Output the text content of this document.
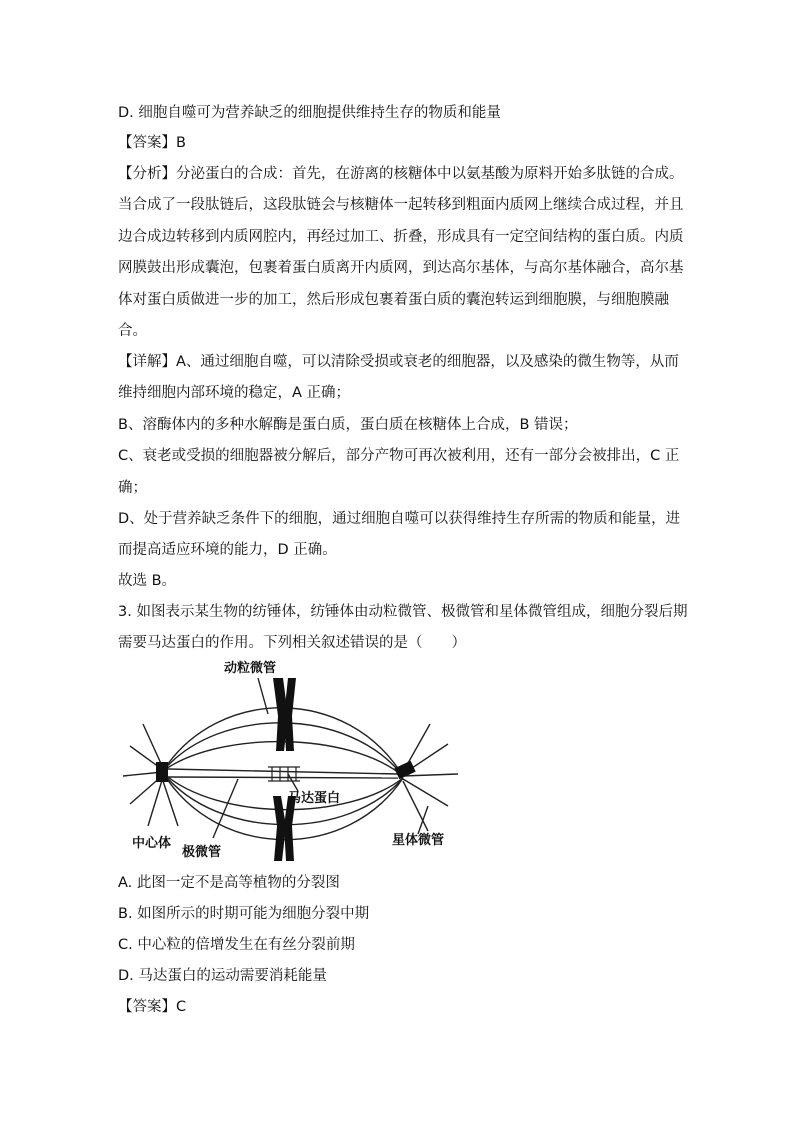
D. 细胞自噬可为营养缺乏的细胞提供维持生存的物质和能量
【答案】B
【分析】分泌蛋白的合成：首先，在游离的核糖体中以氨基酸为原料开始多肽链的合成。
当合成了一段肽链后，这段肽链会与核糖体一起转移到粗面内质网上继续合成过程，并且
边合成边转移到内质网腔内，再经过加工、折叠，形成具有一定空间结构的蛋白质。内质
网膜鼓出形成囊泡，包裹着蛋白质离开内质网，到达高尔基体，与高尔基体融合，高尔基
体对蛋白质做进一步的加工，然后形成包裹着蛋白质的囊泡转运到细胞膜，与细胞膜融
合。
【详解】A、通过细胞自噬，可以清除受损或衰老的细胞器，以及感染的微生物等，从而
维持细胞内部环境的稳定，A 正确；
B、溶酶体内的多种水解酶是蛋白质，蛋白质在核糖体上合成，B 错误；
C、衰老或受损的细胞器被分解后，部分产物可再次被利用，还有一部分会被排出，C 正
确；
D、处于营养缺乏条件下的细胞，通过细胞自噬可以获得维持生存所需的物质和能量，进
而提高适应环境的能力，D 正确。
故选 B。
3. 如图表示某生物的纺锤体，纺锤体由动粒微管、极微管和星体微管组成，细胞分裂后期
需要马达蛋白的作用。下列相关叙述错误的是（　　）
动粒微管
马达蛋白
中心体
极微管
星体微管
A. 此图一定不是高等植物的分裂图
B. 如图所示的时期可能为细胞分裂中期
C. 中心粒的倍增发生在有丝分裂前期
D. 马达蛋白的运动需要消耗能量
【答案】C
